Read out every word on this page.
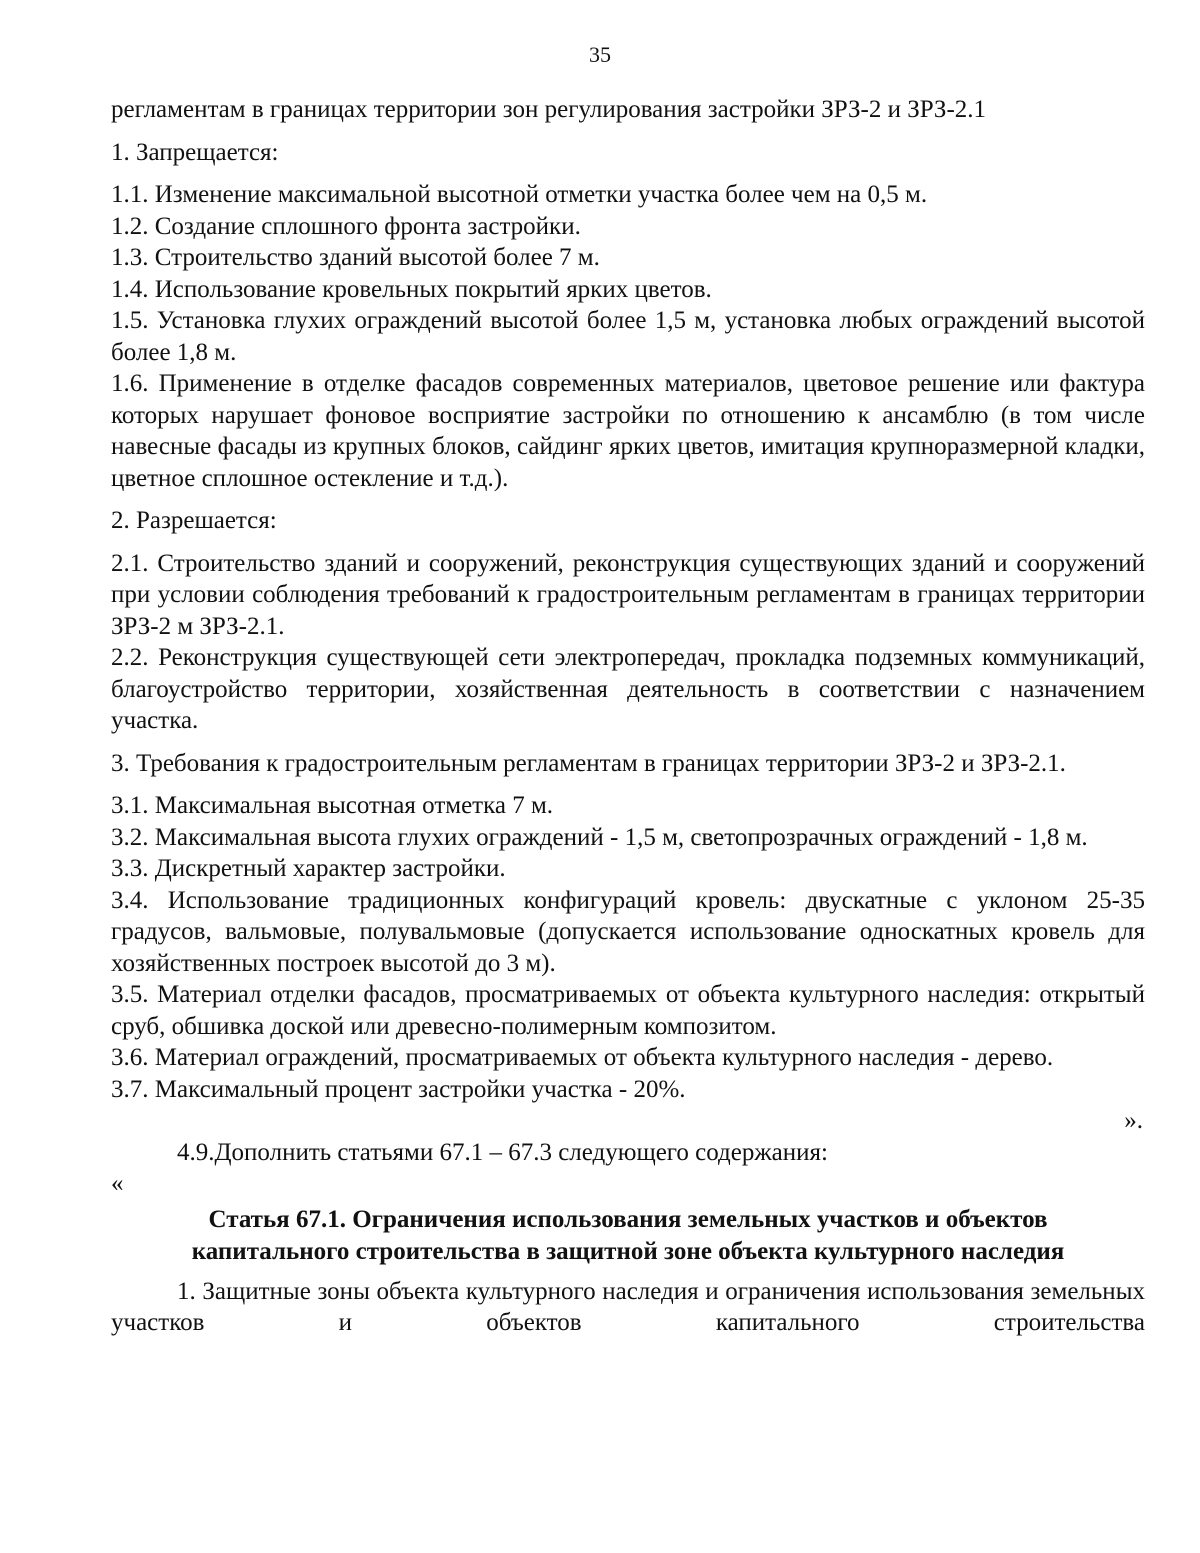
35

регламентам в границах территории зон регулирования застройки ЗРЗ-2 и ЗРЗ-2.1

1. Запрещается:

1.1. Изменение максимальной высотной отметки участка более чем на 0,5 м.

1.2. Создание сплошного фронта застройки.

1.3. Строительство зданий высотой более 7 м.

1.4. Использование кровельных покрытий ярких цветов.

1.5. Установка глухих ограждений высотой более 1,5 м, установка любых ограждений высотой более 1,8 м.

1.6. Применение в отделке фасадов современных материалов, цветовое решение или фактура которых нарушает фоновое восприятие застройки по отношению к ансамблю (в том числе навесные фасады из крупных блоков, сайдинг ярких цветов, имитация крупноразмерной кладки, цветное сплошное остекление и т.д.).

2. Разрешается:

2.1. Строительство зданий и сооружений, реконструкция существующих зданий и сооружений при условии соблюдения требований к градостроительным регламентам в границах территории ЗРЗ-2 м ЗРЗ-2.1.

2.2. Реконструкция существующей сети электропередач, прокладка подземных коммуникаций, благоустройство территории, хозяйственная деятельность в соответствии с назначением участка.

3. Требования к градостроительным регламентам в границах территории ЗРЗ-2 и ЗРЗ-2.1.

3.1. Максимальная высотная отметка 7 м.

3.2. Максимальная высота глухих ограждений - 1,5 м, светопрозрачных ограждений - 1,8 м.

3.3. Дискретный характер застройки.

3.4. Использование традиционных конфигураций кровель: двускатные с уклоном 25-35 градусов, вальмовые, полувальмовые (допускается использование односкатных кровель для хозяйственных построек высотой до 3 м).

3.5. Материал отделки фасадов, просматриваемых от объекта культурного наследия: открытый сруб, обшивка доской или древесно-полимерным композитом.

3.6. Материал ограждений, просматриваемых от объекта культурного наследия - дерево.

3.7. Максимальный процент застройки участка - 20%.

».

4.9.Дополнить статьями 67.1 – 67.3 следующего содержания:

«

Статья 67.1. Ограничения использования земельных участков и объектов
капитального строительства в защитной зоне объекта культурного наследия

1. Защитные зоны объекта культурного наследия и ограничения использования земельных участков и объектов капитального строительства
